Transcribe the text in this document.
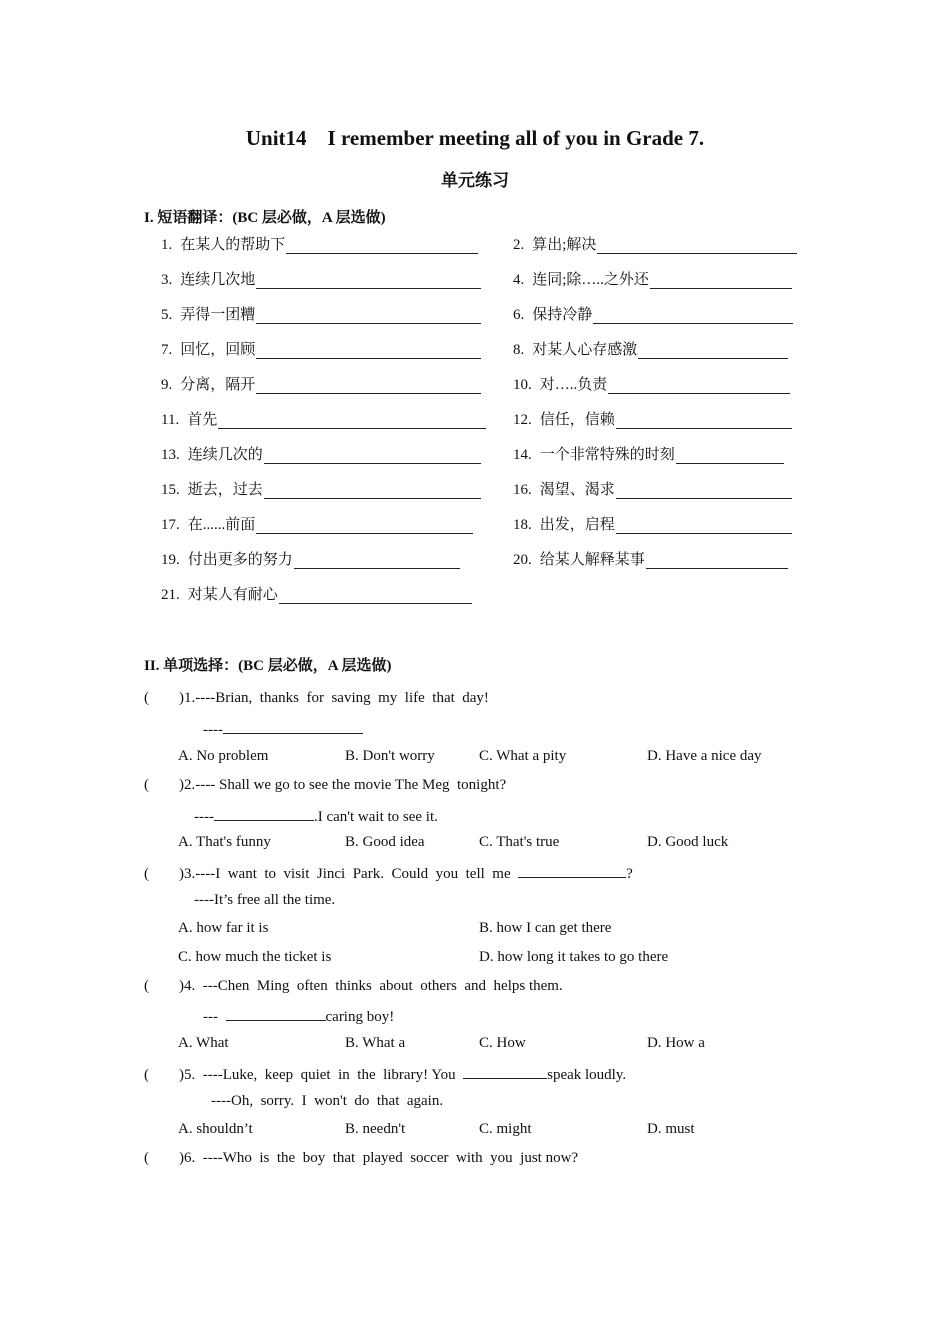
Unit14    I remember meeting all of you in Grade 7.
单元练习
I. 短语翻译：(BC 层必做，A 层选做)
1. 在某人的帮助下	2. 算出;解决
3. 连续几次地	4. 连同;除…..之外还
5. 弄得一团糟	6. 保持冷静
7. 回忆，回顾	8. 对某人心存感激
9. 分离，隔开	10. 对…..负责
11. 首先	12. 信任，信赖
13. 连续几次的	14. 一个非常特殊的时刻
15. 逝去，过去	16. 渴望、渴求
17. 在......前面	18. 出发，启程
19. 付出更多的努力	20. 给某人解释某事
21. 对某人有耐心
II. 单项选择：(BC 层必做，A 层选做)
( )1.----Brian,  thanks  for  saving  my  life  that  day!
----
A. No problem	B. Don't worry	C. What a pity	D. Have a nice day
( )2.---- Shall we go to see the movie The Meg  tonight?
----	.I can't wait to see it.
A. That's funny	B. Good idea	C. That's true	D. Good luck
( )3.----I  want  to  visit  Jinci  Park.  Could  you  tell  me	?
----It’s free all the time.
A. how far it is	B. how I can get there
C. how much the ticket is	D. how long it takes to go there
( )4.  ---Chen  Ming  often  thinks  about  others  and  helps them.
---	caring boy!
A. What	B. What a	C. How	D. How a
( )5.  ----Luke,  keep  quiet  in  the  library! You	speak loudly.
----Oh,  sorry.  I  won't  do  that  again.
A. shouldn’t	B. needn't	C. might	D. must
( )6.  ----Who  is  the  boy  that  played  soccer  with  you  just now?
